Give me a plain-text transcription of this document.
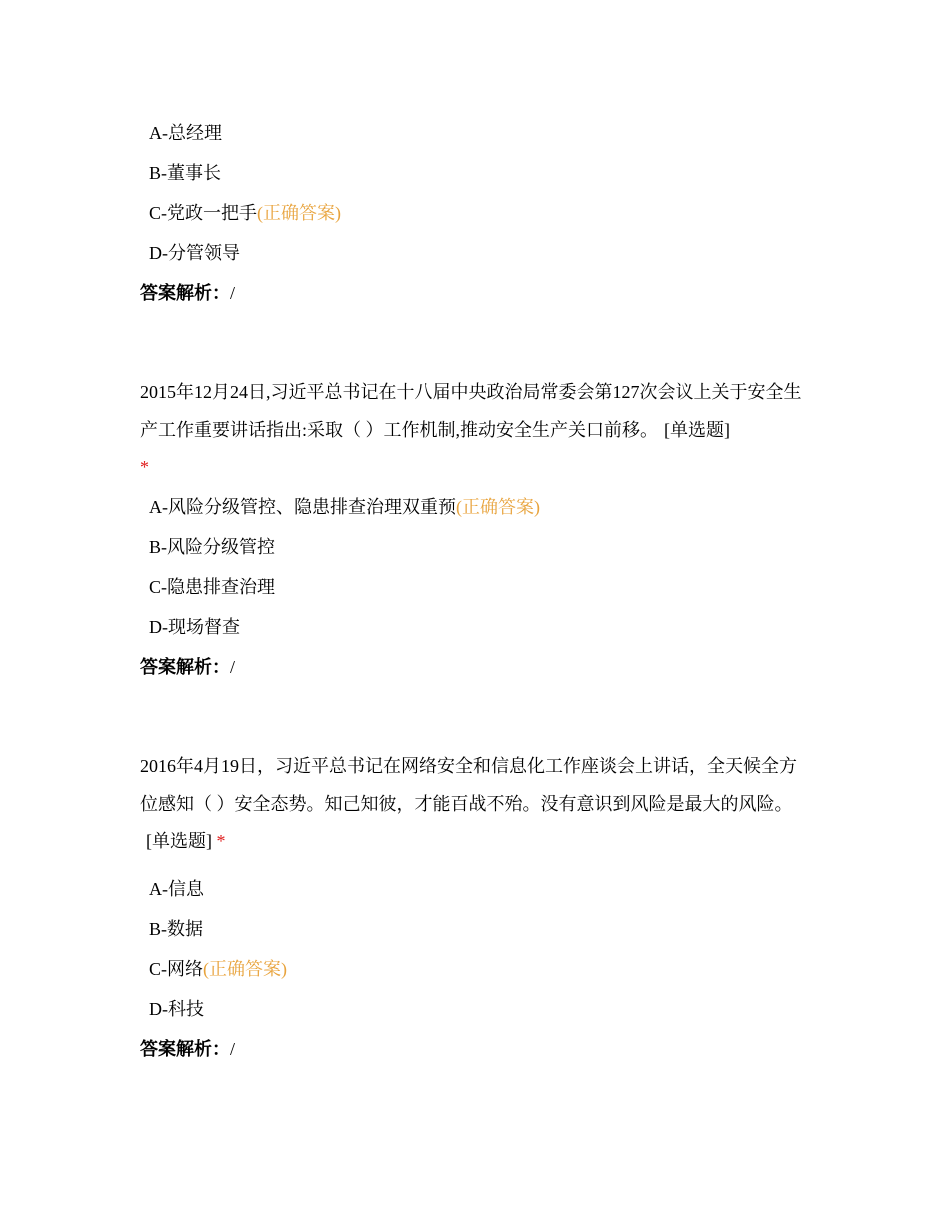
A-总经理
B-董事长
C-党政一把手(正确答案)
D-分管领导
答案解析：/
2015年12月24日,习近平总书记在十八届中央政治局常委会第127次会议上关于安全生产工作重要讲话指出:采取（ ）工作机制,推动安全生产关口前移。 [单选题]
*
A-风险分级管控、隐患排查治理双重预(正确答案)
B-风险分级管控
C-隐患排查治理
D-现场督查
答案解析：/
2016年4月19日，习近平总书记在网络安全和信息化工作座谈会上讲话，全天候全方位感知（ ）安全态势。知己知彼，才能百战不殆。没有意识到风险是最大的风险。[单选题] *
A-信息
B-数据
C-网络(正确答案)
D-科技
答案解析：/
